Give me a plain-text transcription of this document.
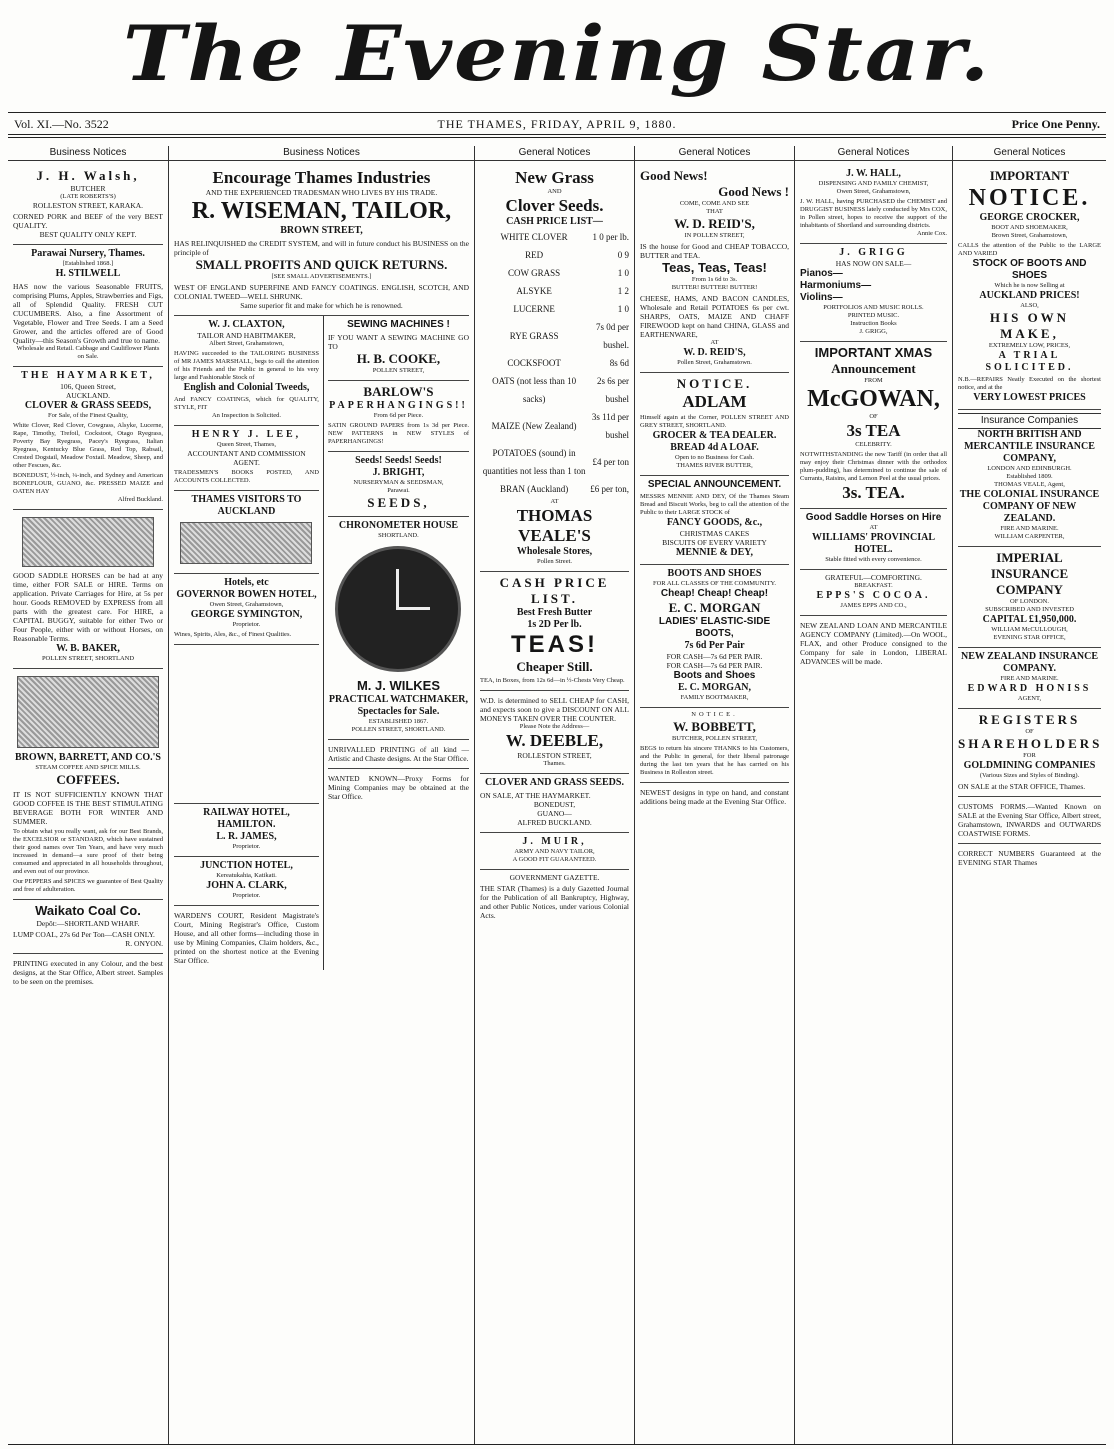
The Evening Star.
Vol. XI.—No. 3522	THE THAMES, FRIDAY, APRIL 9, 1880.	Price One Penny.
Business Notices
J. H. Walsh,
BUTCHER
(LATE ROBERTS'S)
ROLLESTON STREET, KARAKA.
CORNED PORK and BEEF of the very BEST QUALITY.
BEST QUALITY ONLY KEPT.
Parawai Nursery, Thames.
[Established 1868.]
H. STILWELL
HAS now the various Seasonable FRUITS, comprising Plums, Apples, Strawberries and Figs, all of Splendid Quality. FRESH CUT CUCUMBERS. Also, a fine Assortment of Vegetable, Flower and Tree Seeds. I am a Seed Grower, and the articles offered are of Good Quality—this Season's Growth and true to name.
Wholesale and Retail. Cabbage and Cauliflower Plants on Sale.
THE HAYMARKET,
106, Queen Street,
AUCKLAND.
CLOVER & GRASS SEEDS,
For Sale, of the Finest Quality,
White Clover, Red Clover, Cowgrass, Alsyke, Lucerne, Rape, Timothy, Trefoil, Cockstoot, Otago Ryegrass, Poverty Bay Ryegrass, Pacey's Ryegrass, Italian Ryegrass, Kentucky Blue Grass, Red Top, Rabsail, Crested Dogstail, Meadow Foxtail. Meadow, Sheep, and other Fescues, &c.
BONEDUST, ½-inch, ¼-inch, and Sydney and American BONEFLOUR, GUANO, &c. PRESSED MAIZE and OATEN HAY
Alfred Buckland.
GOOD SADDLE HORSES can be had at any time, either FOR SALE or HIRE. Terms on application. Private Carriages for Hire, at 5s per hour. Goods REMOVED by EXPRESS from all parts with the greatest care. For HIRE, a CAPITAL BUGGY, suitable for either Two or Four People, either with or without Horses, on Reasonable Terms.
W. B. BAKER,
POLLEN STREET, SHORTLAND
BROWN, BARRETT, AND CO.'S
STEAM COFFEE AND SPICE MILLS.
COFFEES.
IT IS NOT SUFFICIENTLY KNOWN THAT GOOD COFFEE IS THE BEST STIMULATING BEVERAGE BOTH FOR WINTER AND SUMMER.
To obtain what you really want, ask for our Best Brands, the EXCELSIOR or STANDARD, which have sustained their good names over Ten Years, and have very much increased in demand—a sure proof of their being consumed and appreciated in all households throughout, and even out of our province.
Our PEPPERS and SPICES we guarantee of Best Quality and free of adulteration.
Waikato Coal Co.
Depôt:—SHORTLAND WHARF.
LUMP COAL, 27s 6d Per Ton—CASH ONLY.
R. ONYON.
PRINTING executed in any Colour, and the best designs, at the Star Office, Albert street. Samples to be seen on the premises.
Business Notices
Encourage Thames Industries
AND THE EXPERIENCED TRADESMAN WHO LIVES BY HIS TRADE.
R. WISEMAN, TAILOR,
BROWN STREET,
HAS RELINQUISHED the CREDIT SYSTEM, and will in future conduct his BUSINESS on the principle of
SMALL PROFITS AND QUICK RETURNS.
[SEE SMALL ADVERTISEMENTS.]
WEST OF ENGLAND SUPERFINE AND FANCY COATINGS. ENGLISH, SCOTCH, AND COLONIAL TWEED—WELL SHRUNK.
Same superior fit and make for which he is renowned.
W. J. CLAXTON,
TAILOR AND HABITMAKER,
Albert Street, Grahamstown,
HAVING succeeded to the TAILORING BUSINESS of MR JAMES MARSHALL, begs to call the attention of his Friends and the Public in general to his very large and Fashionable Stock of
English and Colonial Tweeds,
And FANCY COATINGS, which for QUALITY, STYLE, FIT
An Inspection is Solicited.
HENRY J. LEE,
Queen Street, Thames,
ACCOUNTANT AND COMMISSION AGENT.
TRADESMEN'S BOOKS POSTED, AND ACCOUNTS COLLECTED.
THAMES VISITORS TO AUCKLAND
Hotels, etc
GOVERNOR BOWEN HOTEL,
Owen Street, Grahamstown,
GEORGE SYMINGTON,
Proprietor.
Wines, Spirits, Ales, &c., of Finest Qualities.
RAILWAY HOTEL, HAMILTON.
L. R. JAMES,
Proprietor.
JUNCTION HOTEL,
Kereatukahia, Katikati.
JOHN A. CLARK,
Proprietor.
WARDEN'S COURT, Resident Magistrate's Court, Mining Registrar's Office, Custom House, and all other forms—including those in use by Mining Companies, Claim holders, &c., printed on the shortest notice at the Evening Star Office.
SEWING MACHINES !
IF YOU WANT A SEWING MACHINE GO TO
H. B. COOKE,
POLLEN STREET,
BARLOW'S
PAPERHANGINGS!!
From 6d per Piece.
SATIN GROUND PAPERS from 1s 3d per Piece. NEW PATTERNS in NEW STYLES of PAPERHANGINGS!
Seeds! Seeds! Seeds!
J. BRIGHT,
NURSERYMAN & SEEDSMAN,
Parawai.
SEEDS,
CHRONOMETER HOUSE
SHORTLAND.
M. J. WILKES
PRACTICAL WATCHMAKER,
Spectacles for Sale.
ESTABLISHED 1867.
POLLEN STREET, SHORTLAND.
UNRIVALLED PRINTING of all kind —Artistic and Chaste designs. At the Star Office.
WANTED KNOWN—Proxy Forms for Mining Companies may be obtained at the Star Office.
General Notices
New Grass
AND
Clover Seeds.
CASH PRICE LIST—
WHITE CLOVER	1 0 per lb.
RED	0 9
COW GRASS	1 0
ALSYKE	1 2
LUCERNE	1 0
RYE GRASS	7s 0d per bushel.
COCKSFOOT	8s 6d
OATS (not less than 10 sacks)	2s 6s per bushel
MAIZE (New Zealand)	3s 11d per bushel
POTATOES (sound) in quantities not less than 1 ton	£4 per ton
BRAN (Auckland)	£6 per ton,
AT
THOMAS VEALE'S
Wholesale Stores,
Pollen Street.
CASH PRICE LIST.
Best Fresh Butter
1s 2D Per lb.
TEAS!
Cheaper Still.
TEA, in Boxes, from 12s 6d—in ½-Chests Very Cheap.
W.D. is determined to SELL CHEAP for CASH, and expects soon to give a DISCOUNT ON ALL MONEYS TAKEN OVER THE COUNTER.
Please Note the Address—
W. DEEBLE,
ROLLESTON STREET,
Thames.
CLOVER AND GRASS SEEDS.
ON SALE, AT THE HAYMARKET.
BONEDUST,
GUANO—
ALFRED BUCKLAND.
J. MUIR,
ARMY AND NAVY TAILOR,
A GOOD FIT GUARANTEED.
GOVERNMENT GAZETTE.
THE STAR (Thames) is a duly Gazetted Journal for the Publication of all Bankruptcy, Highway, and other Public Notices, under various Colonial Acts.
General Notices
Good News!
Good News !
COME, COME AND SEE
THAT
W. D. REID'S,
IN POLLEN STREET,
IS the house for Good and CHEAP TOBACCO, BUTTER and TEA.
Teas, Teas, Teas!
From 1s 6d to 3s.
BUTTER! BUTTER! BUTTER!
CHEESE, HAMS, AND BACON CANDLES, Wholesale and Retail POTATOES 6s per cwt. SHARPS, OATS, MAIZE AND CHAFF FIREWOOD kept on hand CHINA, GLASS and EARTHENWARE,
AT
W. D. REID'S,
Pollen Street, Grahamstown.
NOTICE.
ADLAM
Himself again at the Corner, POLLEN STREET AND GREY STREET, SHORTLAND.
GROCER & TEA DEALER.
BREAD 4d A LOAF.
Open to no Business for Cash.
THAMES RIVER BUTTER,
SPECIAL ANNOUNCEMENT.
MESSRS MENNIE AND DEY, Of the Thames Steam Bread and Biscuit Works, beg to call the attention of the Public to their LARGE STOCK of
FANCY GOODS, &c.,
CHRISTMAS CAKES
BISCUITS OF EVERY VARIETY
MENNIE & DEY,
BOOTS AND SHOES
FOR ALL CLASSES OF THE COMMUNITY.
Cheap! Cheap! Cheap!
E. C. MORGAN
LADIES' ELASTIC-SIDE BOOTS,
7s 6d Per Pair
FOR CASH—7s 6d PER PAIR.
FOR CASH—7s 6d PER PAIR.
Boots and Shoes
E. C. MORGAN,
FAMILY BOOTMAKER,
NOTICE.
W. BOBBETT,
BUTCHER, POLLEN STREET,
BEGS to return his sincere THANKS to his Customers, and the Public in general, for their liberal patronage during the last ten years that he has carried on his Business in Rolleston street.
NEWEST designs in type on hand, and constant additions being made at the Evening Star Office.
General Notices
J. W. HALL,
DISPENSING AND FAMILY CHEMIST,
Owen Street, Grahamstown,
J. W. HALL, having PURCHASED the CHEMIST and DRUGGIST BUSINESS lately conducted by Mrs COX, in Pollen street, hopes to receive the support of the inhabitants of Shortland and surrounding districts.
Annie Cox.
J. GRIGG
HAS NOW ON SALE—
Pianos—
Harmoniums—
Violins—
PORTFOLIOS AND MUSIC ROLLS.
PRINTED MUSIC.
Instruction Books
J. GRIGG,
IMPORTANT XMAS
Announcement
FROM
McGOWAN,
OF
3s TEA
CELEBRITY.
NOTWITHSTANDING the new Tariff (in order that all may enjoy their Christmas dinner with the orthodox plum-pudding), has determined to continue the sale of Currants, Raisins, and Lemon Peel at the usual prices.
3s. TEA.
Good Saddle Horses on Hire
AT
WILLIAMS' PROVINCIAL HOTEL.
Stable fitted with every convenience.
GRATEFUL—COMFORTING.
BREAKFAST.
EPPS'S COCOA.
JAMES EPPS AND CO.,
NEW ZEALAND LOAN AND MERCANTILE AGENCY COMPANY (Limited).—On WOOL, FLAX, and other Produce consigned to the Company for sale in London, LIBERAL ADVANCES will be made.
General Notices
IMPORTANT
NOTICE.
GEORGE CROCKER,
BOOT AND SHOEMAKER,
Brown Street, Grahamstown,
CALLS the attention of the Public to the LARGE AND VARIED
STOCK OF BOOTS AND SHOES
Which he is now Selling at
AUCKLAND PRICES!
ALSO,
HIS OWN MAKE,
EXTREMELY LOW, PRICES,
A TRIAL SOLICITED.
N.B.—REPAIRS Neatly Executed on the shortest notice, and at the
VERY LOWEST PRICES
Insurance Companies
NORTH BRITISH AND MERCANTILE INSURANCE COMPANY,
LONDON AND EDINBURGH.
Established 1809.
THOMAS VEALE, Agent,
THE COLONIAL INSURANCE COMPANY OF NEW ZEALAND.
FIRE AND MARINE.
WILLIAM CARPENTER,
IMPERIAL
INSURANCE COMPANY
OF LONDON.
SUBSCRIBED AND INVESTED
CAPITAL £1,950,000.
WILLIAM McCULLOUGH,
EVENING STAR OFFICE,
NEW ZEALAND INSURANCE COMPANY.
FIRE AND MARINE.
EDWARD HONISS
AGENT,
REGISTERS
OF
SHAREHOLDERS
FOR
GOLDMINING COMPANIES
(Various Sizes and Styles of Binding).
ON SALE at the STAR OFFICE, Thames.
CUSTOMS FORMS.—Wanted Known on SALE at the Evening Star Office, Albert street, Grahamstown, INWARDS and OUTWARDS COASTWISE FORMS.
CORRECT NUMBERS Guaranteed at the EVENING STAR Thames
